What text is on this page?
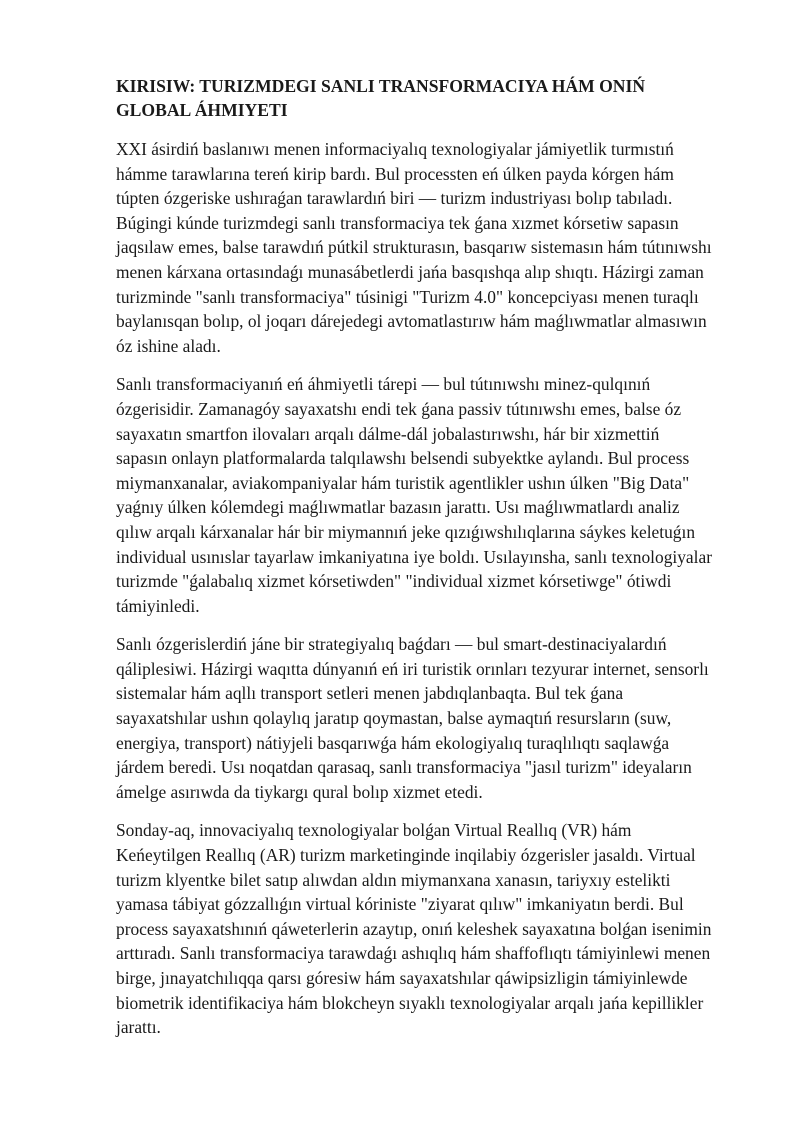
KIRISIW: TURIZMDEGI SANLI TRANSFORMACIYA HÁM ONIŃ GLOBAL ÁHMIYETI

XXI ásirdiń baslanıwı menen informaciyalıq texnologiyalar jámiyetlik turmıstıń hámme tarawlarına tereń kirip bardı. Bul processten eń úlken payda kórgen hám túpten ózgeriske ushıraǵan tarawlardıń biri — turizm industriyası bolıp tabıladı. Búgingi kúnde turizmdegi sanlı transformaciya tek ǵana xızmet kórsetiw sapasın jaqsılaw emes, balse tarawdıń pútkil strukturasın, basqarıw sistemasın hám tútınıwshı menen kárxana ortasındaǵı munasábetlerdi jańa basqıshqa alıp shıqtı. Házirgi zaman turizminde "sanlı transformaciya" túsinigi "Turizm 4.0" koncepciyası menen turaqlı baylanısqan bolıp, ol joqarı dárejedegi avtomatlastırıw hám maǵlıwmatlar almasıwın óz ishine aladı.

Sanlı transformaciyanıń eń áhmiyetli tárepi — bul tútınıwshı minez-qulqınıń ózgerisidir. Zamanagóy sayaxatshı endi tek ǵana passiv tútınıwshı emes, balse óz sayaxatın smartfon ilovaları arqalı dálme-dál jobalastırıwshı, hár bir xizmettiń sapasın onlayn platformalarda talqılawshı belsendi subyektke aylandı. Bul process miymanxanalar, aviakompaniyalar hám turistik agentlikler ushın úlken "Big Data" yaǵnıy úlken kólemdegi maǵlıwmatlar bazasın jarattı. Usı maǵlıwmatlardı analiz qılıw arqalı kárxanalar hár bir miymannıń jeke qızıǵıwshılıqlarına sáykes keletuǵın individual usınıslar tayarlaw imkaniyatına iye boldı. Usılayınsha, sanlı texnologiyalar turizmde "ǵalabalıq xizmet kórsetiwden" "individual xizmet kórsetiwge" ótiwdi támiyinledi.

Sanlı ózgerislerdiń jáne bir strategiyalıq baǵdarı — bul smart-destinaciyalardıń qáliplesiwi. Házirgi waqıtta dúnyanıń eń iri turistik orınları tezyurar internet, sensorlı sistemalar hám aqllı transport setleri menen jabdıqlanbaqta. Bul tek ǵana sayaxatshılar ushın qolaylıq jaratıp qoymastan, balse aymaqtıń resursların (suw, energiya, transport) nátiyjeli basqarıwǵa hám ekologiyalıq turaqlılıqtı saqlawǵa járdem beredi. Usı noqatdan qarasaq, sanlı transformaciya "jasıl turizm" ideyaların ámelge asırıwda da tiykargı qural bolıp xizmet etedi.

Sonday-aq, innovaciyalıq texnologiyalar bolǵan Virtual Reallıq (VR) hám Keńeytilgen Reallıq (AR) turizm marketinginde inqilabiy ózgerisler jasaldı. Virtual turizm klyentke bilet satıp alıwdan aldın miymanxana xanasın, tariyxıy estelikti yamasa tábiyat gózzallıǵın virtual kóriniste "ziyarat qılıw" imkaniyatın berdi. Bul process sayaxatshınıń qáweterlerin azaytıp, onıń keleshek sayaxatına bolǵan isenimin arttıradı. Sanlı transformaciya tarawdaǵı ashıqlıq hám shaffoflıqtı támiyinlewi menen birge, jınayatchılıqqa qarsı góresiw hám sayaxatshılar qáwipsizligin támiyinlewde biometrik identifikaciya hám blokcheyn sıyaklı texnologiyalar arqalı jańa kepillikler jarattı.
